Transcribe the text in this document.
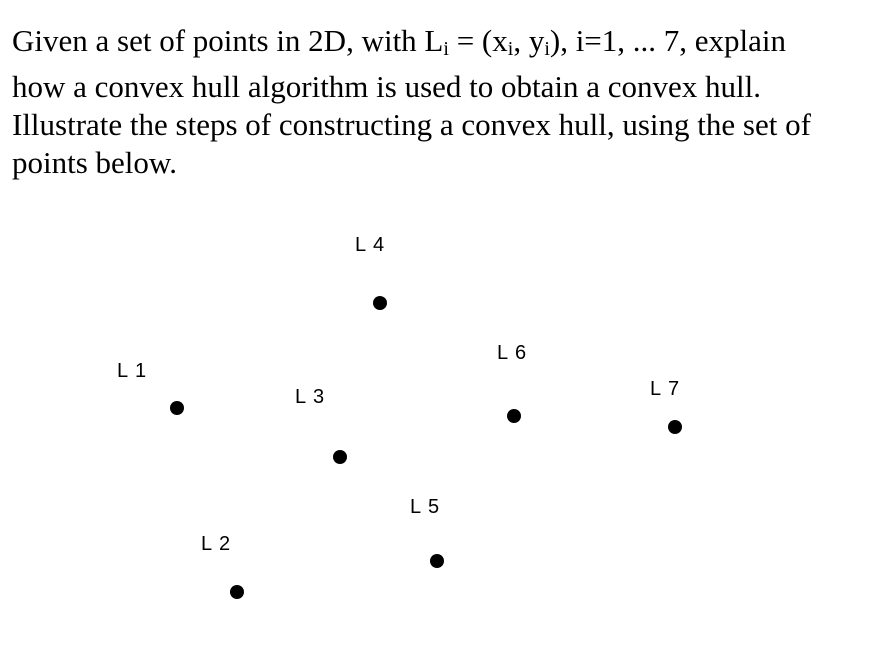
Given a set of points in 2D, with $L_i = (x_i$, $y_i$), i=1, ... 7, explain
how a convex hull algorithm is used to obtain a convex hull.
Illustrate the steps of constructing a convex hull, using the set of
points below.

L 1
L 2
L 3
L 4
L 5
L 6
L 7
